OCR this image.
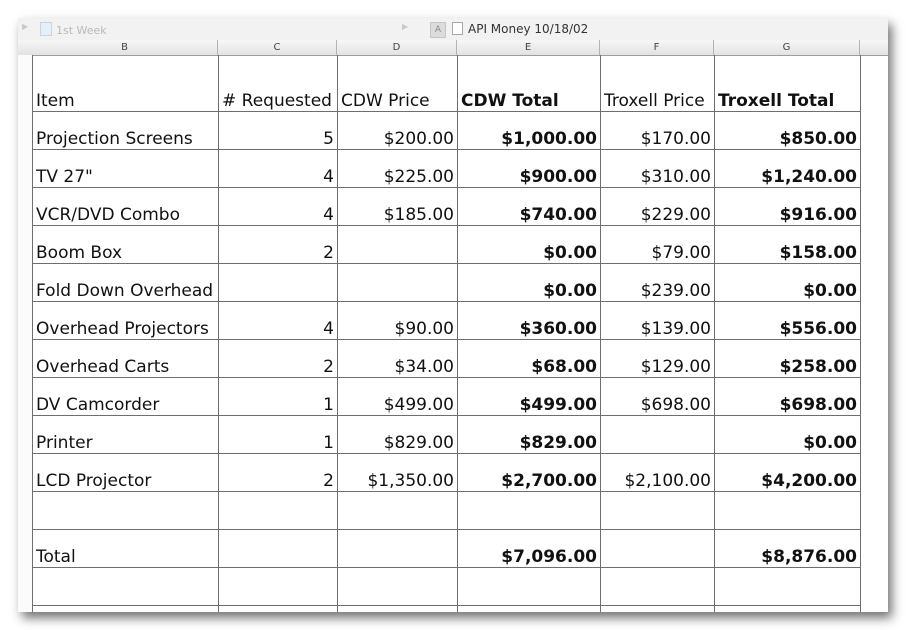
▶	1st Week	▶	A	API Money 10/18/02
B	C	D	E	F	G
Item	# Requested	CDW Price	CDW Total	Troxell Price	Troxell Total
Projection Screens	5	$200.00	$1,000.00	$170.00	$850.00
TV 27"	4	$225.00	$900.00	$310.00	$1,240.00
VCR/DVD Combo	4	$185.00	$740.00	$229.00	$916.00
Boom Box	2		$0.00	$79.00	$158.00
Fold Down Overhead			$0.00	$239.00	$0.00
Overhead Projectors	4	$90.00	$360.00	$139.00	$556.00
Overhead Carts	2	$34.00	$68.00	$129.00	$258.00
DV Camcorder	1	$499.00	$499.00	$698.00	$698.00
Printer	1	$829.00	$829.00		$0.00
LCD Projector	2	$1,350.00	$2,700.00	$2,100.00	$4,200.00

Total			$7,096.00		$8,876.00
